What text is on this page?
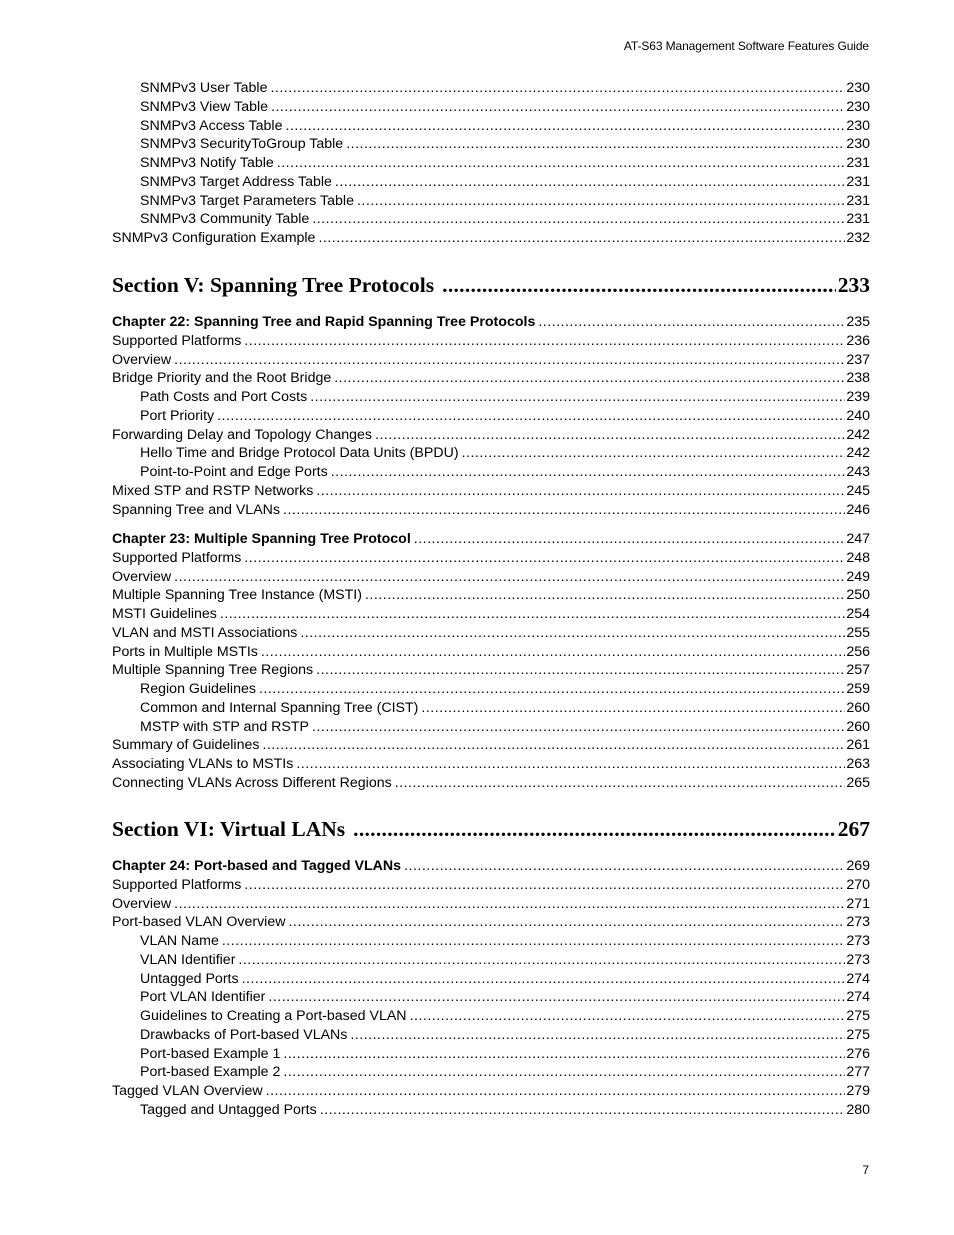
AT-S63 Management Software Features Guide
SNMPv3 User Table .....	230
SNMPv3 View Table .....	230
SNMPv3 Access Table .....	230
SNMPv3 SecurityToGroup Table .....	230
SNMPv3 Notify Table .....	231
SNMPv3 Target Address Table .....	231
SNMPv3 Target Parameters Table .....	231
SNMPv3 Community Table .....	231
SNMPv3 Configuration Example .....	232
Section V: Spanning Tree Protocols .....	233
Chapter 22: Spanning Tree and Rapid Spanning Tree Protocols .....	235
Supported Platforms .....	236
Overview .....	237
Bridge Priority and the Root Bridge .....	238
Path Costs and Port Costs .....	239
Port Priority .....	240
Forwarding Delay and Topology Changes .....	242
Hello Time and Bridge Protocol Data Units (BPDU) .....	242
Point-to-Point and Edge Ports .....	243
Mixed STP and RSTP Networks .....	245
Spanning Tree and VLANs .....	246
Chapter 23: Multiple Spanning Tree Protocol .....	247
Supported Platforms .....	248
Overview .....	249
Multiple Spanning Tree Instance (MSTI) .....	250
MSTI Guidelines .....	254
VLAN and MSTI Associations .....	255
Ports in Multiple MSTIs .....	256
Multiple Spanning Tree Regions .....	257
Region Guidelines .....	259
Common and Internal Spanning Tree (CIST) .....	260
MSTP with STP and RSTP .....	260
Summary of Guidelines .....	261
Associating VLANs to MSTIs .....	263
Connecting VLANs Across Different Regions .....	265
Section VI: Virtual LANs .....	267
Chapter 24: Port-based and Tagged VLANs .....	269
Supported Platforms .....	270
Overview .....	271
Port-based VLAN Overview .....	273
VLAN Name .....	273
VLAN Identifier .....	273
Untagged Ports .....	274
Port VLAN Identifier .....	274
Guidelines to Creating a Port-based VLAN .....	275
Drawbacks of Port-based VLANs .....	275
Port-based Example 1 .....	276
Port-based Example 2 .....	277
Tagged VLAN Overview .....	279
Tagged and Untagged Ports .....	280
7
